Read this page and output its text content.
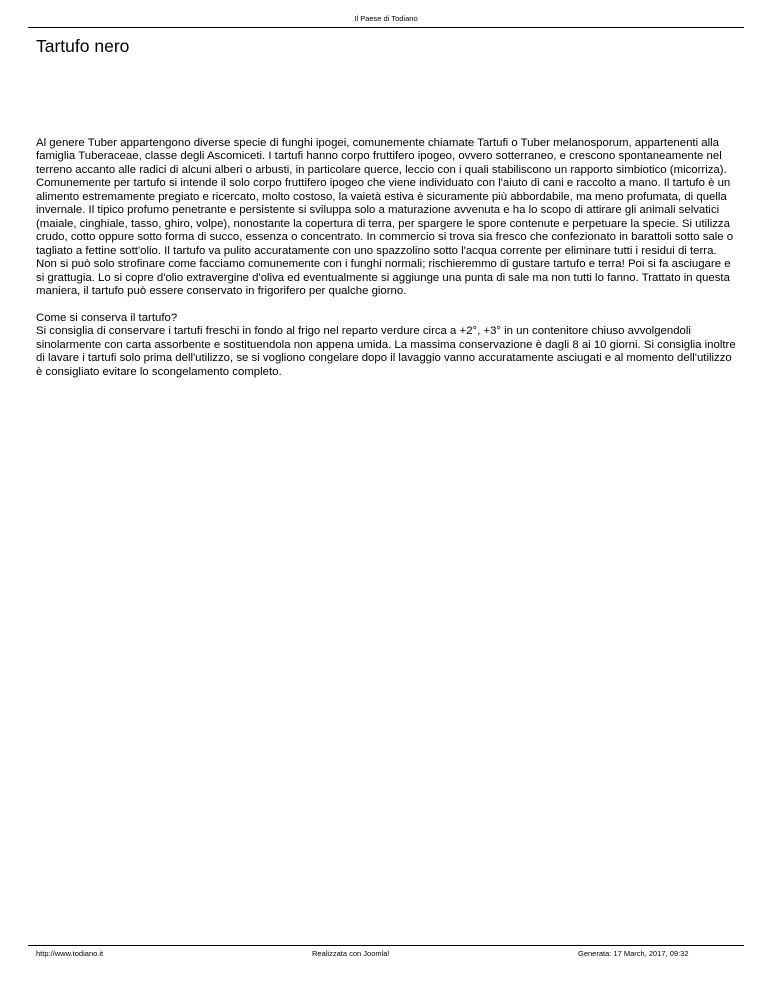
Il Paese di Todiano
Tartufo nero

Al genere Tuber appartengono diverse specie di funghi ipogei, comunemente chiamate Tartufi o Tuber melanosporum, appartenenti alla famiglia Tuberaceae, classe degli Ascomiceti. I tartufi hanno corpo fruttifero ipogeo, ovvero sotterraneo, e crescono spontaneamente nel terreno accanto alle radici di alcuni alberi o arbusti, in particolare querce, leccio con i quali stabiliscono un rapporto simbiotico (micorriza). Comunemente per tartufo si intende il solo corpo fruttifero ipogeo che viene individuato con l'aiuto di cani e raccolto a mano. Il tartufo è un alimento estremamente pregiato e ricercato, molto costoso, la vaietà estiva è sicuramente più abbordabile, ma meno profumata, di quella invernale. Il tipico profumo penetrante e persistente si sviluppa solo a maturazione avvenuta e ha lo scopo di attirare gli animali selvatici (maiale, cinghiale, tasso, ghiro, volpe), nonostante la copertura di terra, per spargere le spore contenute e perpetuare la specie. Si utilizza crudo, cotto oppure sotto forma di succo, essenza o concentrato. In commercio si trova sia fresco che confezionato in barattoli sotto sale o tagliato a fettine sott'olio. Il tartufo va pulito accuratamente con uno spazzolino sotto l'acqua corrente per eliminare tutti i residui di terra. Non si può solo strofinare come facciamo comunemente con i funghi normali; rischieremmo di gustare tartufo e terra! Poi si fa asciugare e si grattugia. Lo si copre d'olio extravergine d'oliva ed eventualmente si aggiunge una punta di sale ma non tutti lo fanno. Trattato in questa maniera, il tartufo può essere conservato in frigorifero per qualche giorno.

Come si conserva il tartufo?

Si consiglia di conservare i tartufi freschi in fondo al frigo nel reparto verdure circa a +2°, +3° in un contenitore chiuso avvolgendoli sinolarmente con carta assorbente e sostituendola non appena umida. La massima conservazione è dagli 8 ai 10 giorni. Si consiglia inoltre di lavare i tartufi solo prima dell'utilizzo, se si vogliono congelare dopo il lavaggio vanno accuratamente asciugati e al momento dell'utilizzo è consigliato evitare lo scongelamento completo.

http://www.todiano.it	Realizzata con Joomla!	Generata: 17 March, 2017, 09:32
